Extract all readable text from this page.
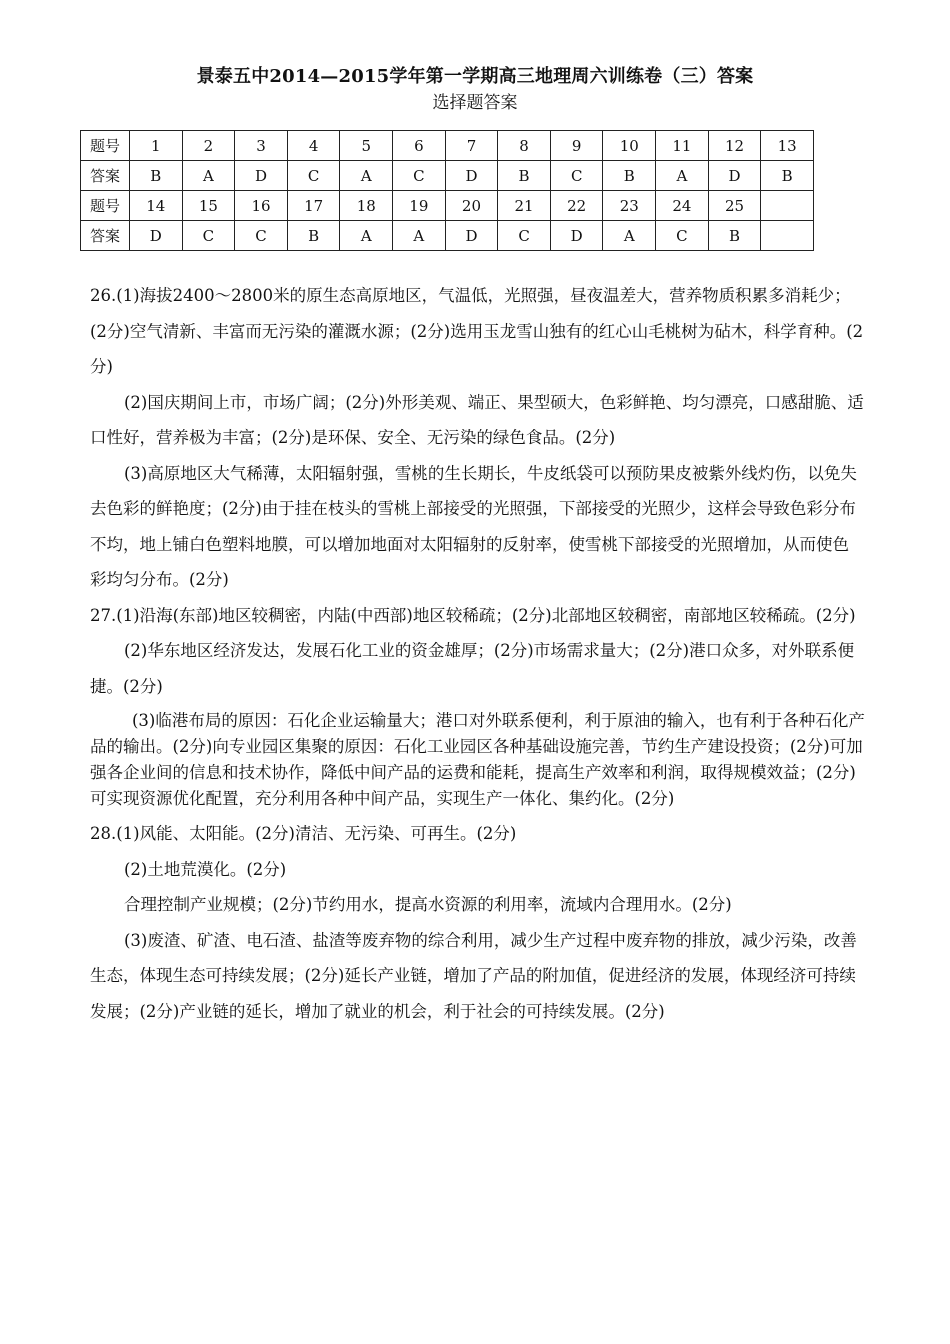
景泰五中2014—2015学年第一学期高三地理周六训练卷（三）答案
选择题答案
题号	1	2	3	4	5	6	7	8	9	10	11	12	13
答案	B	A	D	C	A	C	D	B	C	B	A	D	B
题号	14	15	16	17	18	19	20	21	22	23	24	25	
答案	D	C	C	B	A	A	D	C	D	A	C	B	

26.(1)海拔2400～2800米的原生态高原地区，气温低，光照强，昼夜温差大，营养物质积累多消耗少；(2分)空气清新、丰富而无污染的灌溉水源；(2分)选用玉龙雪山独有的红心山毛桃树为砧木，科学育种。(2分)

(2)国庆期间上市，市场广阔；(2分)外形美观、端正、果型硕大，色彩鲜艳、均匀漂亮，口感甜脆、适口性好，营养极为丰富；(2分)是环保、安全、无污染的绿色食品。(2分)

(3)高原地区大气稀薄，太阳辐射强，雪桃的生长期长，牛皮纸袋可以预防果皮被紫外线灼伤，以免失去色彩的鲜艳度；(2分)由于挂在枝头的雪桃上部接受的光照强，下部接受的光照少，这样会导致色彩分布不均，地上铺白色塑料地膜，可以增加地面对太阳辐射的反射率，使雪桃下部接受的光照增加，从而使色彩均匀分布。(2分)

27.(1)沿海(东部)地区较稠密，内陆(中西部)地区较稀疏；(2分)北部地区较稠密，南部地区较稀疏。(2分)

(2)华东地区经济发达，发展石化工业的资金雄厚；(2分)市场需求量大；(2分)港口众多，对外联系便捷。(2分)

(3)临港布局的原因：石化企业运输量大；港口对外联系便利，利于原油的输入，也有利于各种石化产品的输出。(2分)向专业园区集聚的原因：石化工业园区各种基础设施完善，节约生产建设投资；(2分)可加强各企业间的信息和技术协作，降低中间产品的运费和能耗，提高生产效率和利润，取得规模效益；(2分)可实现资源优化配置，充分利用各种中间产品，实现生产一体化、集约化。(2分)

28.(1)风能、太阳能。(2分)清洁、无污染、可再生。(2分)

(2)土地荒漠化。(2分)

合理控制产业规模；(2分)节约用水，提高水资源的利用率，流域内合理用水。(2分)

(3)废渣、矿渣、电石渣、盐渣等废弃物的综合利用，减少生产过程中废弃物的排放，减少污染，改善生态，体现生态可持续发展；(2分)延长产业链，增加了产品的附加值，促进经济的发展，体现经济可持续发展；(2分)产业链的延长，增加了就业的机会，利于社会的可持续发展。(2分)
